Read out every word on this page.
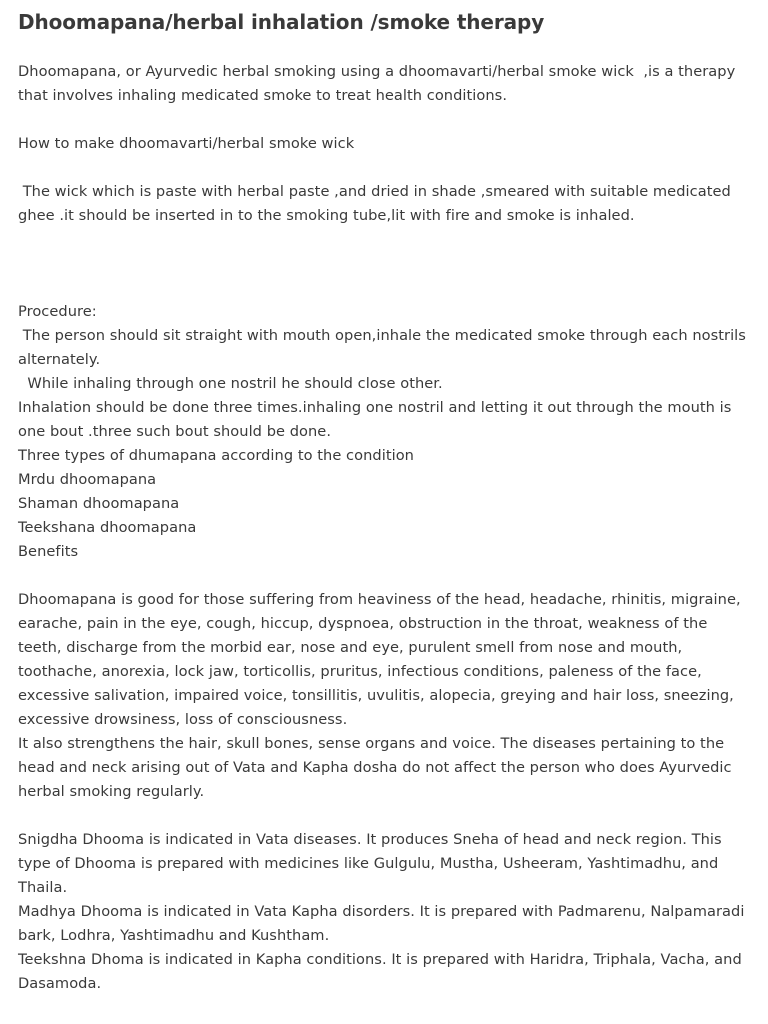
Dhoomapana/herbal inhalation /smoke therapy

Dhoomapana, or Ayurvedic herbal smoking using a dhoomavarti/herbal smoke wick  ,is a therapy that involves inhaling medicated smoke to treat health conditions.

How to make dhoomavarti/herbal smoke wick

The wick which is paste with herbal paste ,and dried in shade ,smeared with suitable medicated ghee .it should be inserted in to the smoking tube,lit with fire and smoke is inhaled.

Procedure:

The person should sit straight with mouth open,inhale the medicated smoke through each nostrils alternately.

While inhaling through one nostril he should close other.

Inhalation should be done three times.inhaling one nostril and letting it out through the mouth is one bout .three such bout should be done.

Three types of dhumapana according to the condition

Mrdu dhoomapana

Shaman dhoomapana

Teekshana dhoomapana

Benefits

Dhoomapana is good for those suffering from heaviness of the head, headache, rhinitis, migraine, earache, pain in the eye, cough, hiccup, dyspnoea, obstruction in the throat, weakness of the teeth, discharge from the morbid ear, nose and eye, purulent smell from nose and mouth, toothache, anorexia, lock jaw, torticollis, pruritus, infectious conditions, paleness of the face, excessive salivation, impaired voice, tonsillitis, uvulitis, alopecia, greying and hair loss, sneezing, excessive drowsiness, loss of consciousness.

It also strengthens the hair, skull bones, sense organs and voice. The diseases pertaining to the head and neck arising out of Vata and Kapha dosha do not affect the person who does Ayurvedic herbal smoking regularly.

Snigdha Dhooma is indicated in Vata diseases. It produces Sneha of head and neck region. This type of Dhooma is prepared with medicines like Gulgulu, Mustha, Usheeram, Yashtimadhu, and Thaila.

Madhya Dhooma is indicated in Vata Kapha disorders. It is prepared with Padmarenu, Nalpamaradi bark, Lodhra, Yashtimadhu and Kushtham.

Teekshna Dhoma is indicated in Kapha conditions. It is prepared with Haridra, Triphala, Vacha, and Dasamoda.
